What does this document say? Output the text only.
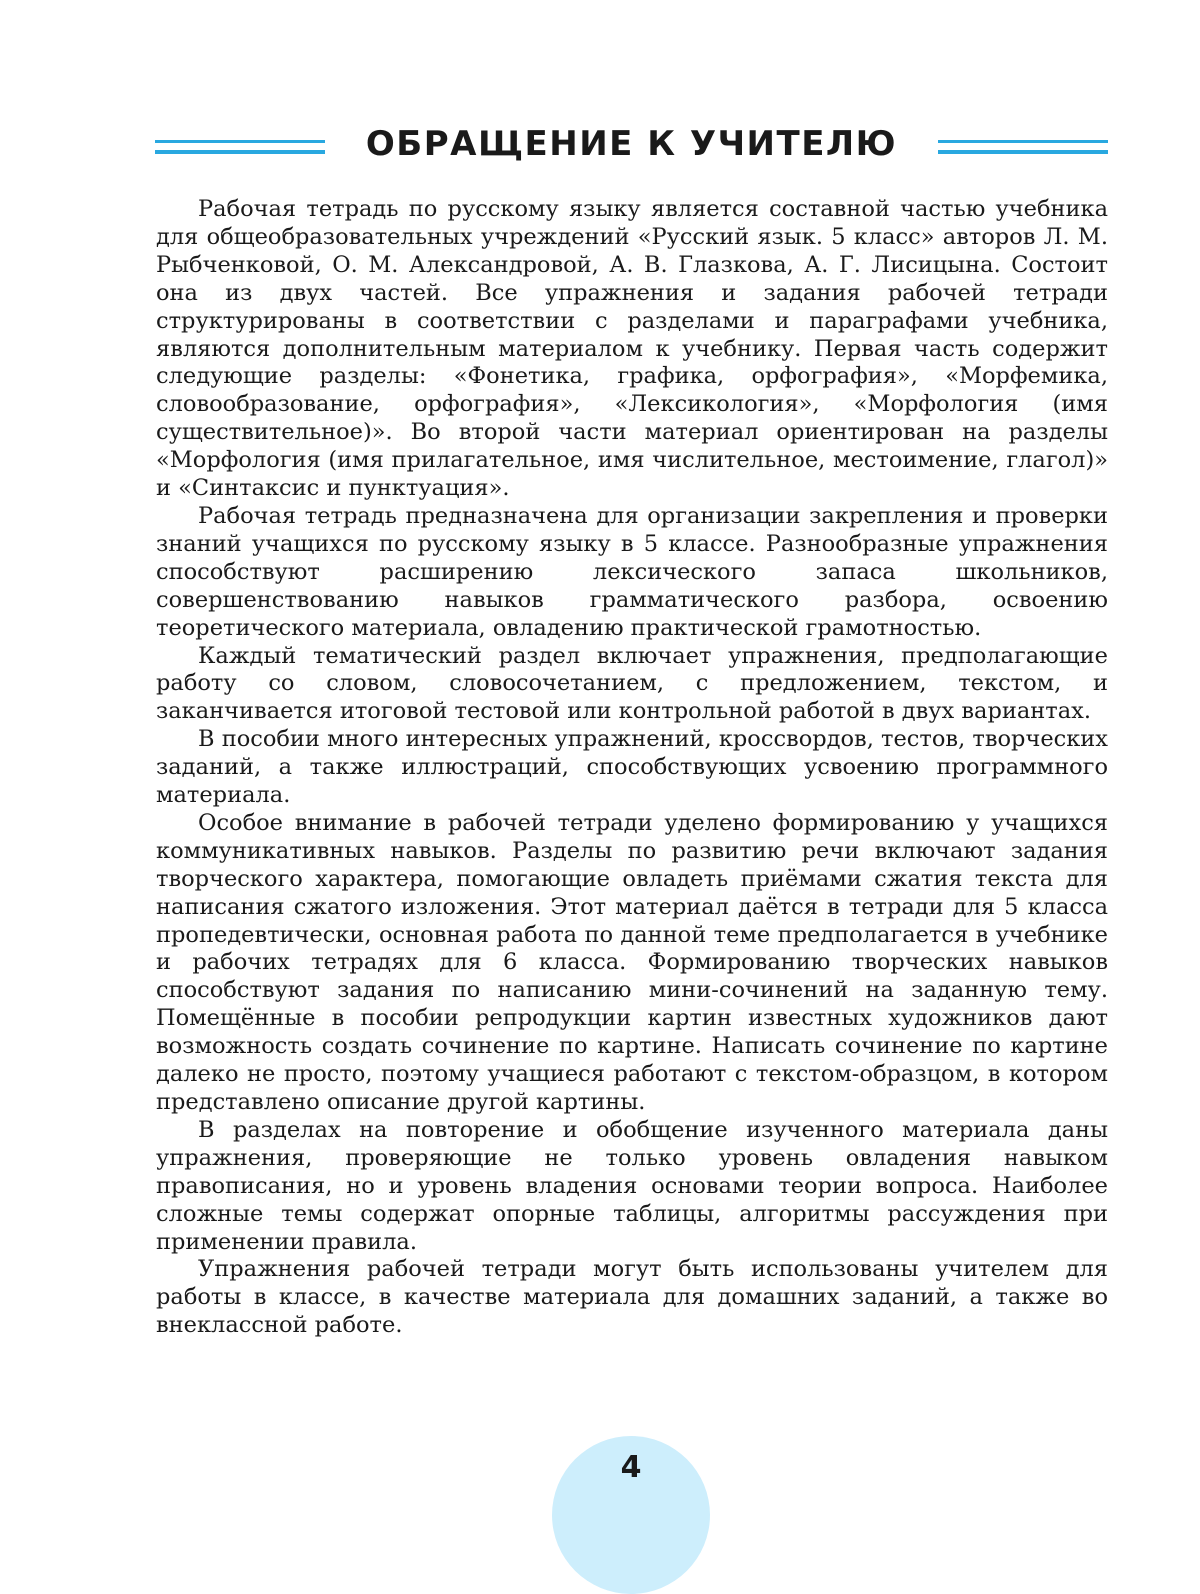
ОБРАЩЕНИЕ К УЧИТЕЛЮ

Рабочая тетрадь по русскому языку является составной частью учебника для общеобразовательных учреждений «Русский язык. 5 класс» авторов Л. М. Рыбченковой, О. М. Александровой, А. В. Глазкова, А. Г. Лисицына. Состоит она из двух частей. Все упражнения и задания рабочей тетради структурированы в соответствии с разделами и параграфами учебника, являются дополнительным материалом к учебнику. Первая часть содержит следующие разделы: «Фонетика, графика, орфография», «Морфемика, словообразование, орфография», «Лексикология», «Морфология (имя существительное)». Во второй части материал ориентирован на разделы «Морфология (имя прилагательное, имя числительное, местоимение, глагол)» и «Синтаксис и пунктуация».

Рабочая тетрадь предназначена для организации закрепления и проверки знаний учащихся по русскому языку в 5 классе. Разнообразные упражнения способствуют расширению лексического запаса школьников, совершенствованию навыков грамматического разбора, освоению теоретического материала, овладению практической грамотностью.

Каждый тематический раздел включает упражнения, предполагающие работу со словом, словосочетанием, с предложением, текстом, и заканчивается итоговой тестовой или контрольной работой в двух вариантах.

В пособии много интересных упражнений, кроссвордов, тестов, творческих заданий, а также иллюстраций, способствующих усвоению программного материала.

Особое внимание в рабочей тетради уделено формированию у учащихся коммуникативных навыков. Разделы по развитию речи включают задания творческого характера, помогающие овладеть приёмами сжатия текста для написания сжатого изложения. Этот материал даётся в тетради для 5 класса пропедевтически, основная работа по данной теме предполагается в учебнике и рабочих тетрадях для 6 класса. Формированию творческих навыков способствуют задания по написанию мини-сочинений на заданную тему. Помещённые в пособии репродукции картин известных художников дают возможность создать сочинение по картине. Написать сочинение по картине далеко не просто, поэтому учащиеся работают с текстом-образцом, в котором представлено описание другой картины.

В разделах на повторение и обобщение изученного материала даны упражнения, проверяющие не только уровень овладения навыком правописания, но и уровень владения основами теории вопроса. Наиболее сложные темы содержат опорные таблицы, алгоритмы рассуждения при применении правила.

Упражнения рабочей тетради могут быть использованы учителем для работы в классе, в качестве материала для домашних заданий, а также во внеклассной работе.

4
